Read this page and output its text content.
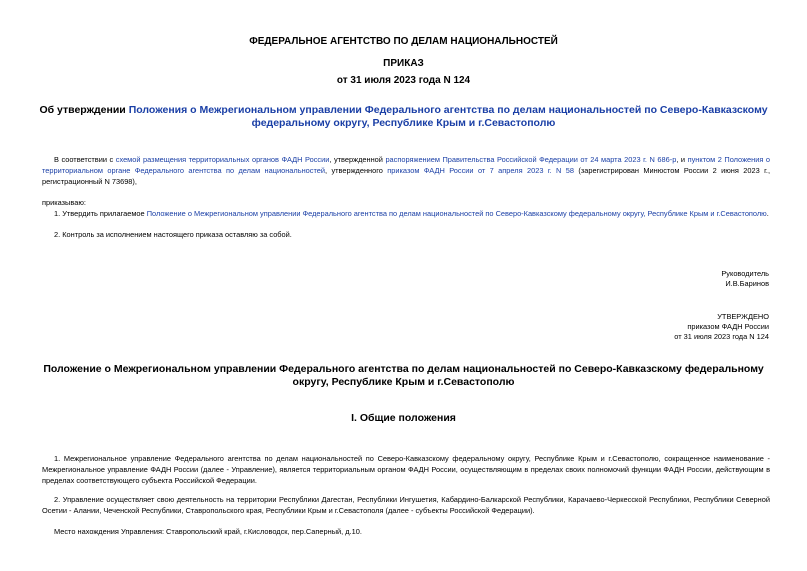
ФЕДЕРАЛЬНОЕ АГЕНТСТВО ПО ДЕЛАМ НАЦИОНАЛЬНОСТЕЙ
ПРИКАЗ
от 31 июля 2023 года N 124
Об утверждении Положения о Межрегиональном управлении Федерального агентства по делам национальностей по Северо-Кавказскому федеральному округу, Республике Крым и г.Севастополю
В соответствии с схемой размещения территориальных органов ФАДН России, утвержденной распоряжением Правительства Российской Федерации от 24 марта 2023 г. N 686-р, и пунктом 2 Положения о территориальном органе Федерального агентства по делам национальностей, утвержденного приказом ФАДН России от 7 апреля 2023 г. N 58 (зарегистрирован Минюстом России 2 июня 2023 г., регистрационный N 73698),
приказываю:
1. Утвердить прилагаемое Положение о Межрегиональном управлении Федерального агентства по делам национальностей по Северо-Кавказскому федеральному округу, Республике Крым и г.Севастополю.
2. Контроль за исполнением настоящего приказа оставляю за собой.
Руководитель
И.В.Баринов
УТВЕРЖДЕНО
приказом ФАДН России
от 31 июля 2023 года N 124
Положение о Межрегиональном управлении Федерального агентства по делам национальностей по Северо-Кавказскому федеральному округу, Республике Крым и г.Севастополю
I. Общие положения
1. Межрегиональное управление Федерального агентства по делам национальностей по Северо-Кавказскому федеральному округу, Республике Крым и г.Севастополю, сокращенное наименование - Межрегиональное управление ФАДН России (далее - Управление), является территориальным органом ФАДН России, осуществляющим в пределах своих полномочий функции ФАДН России, действующим в пределах соответствующего субъекта Российской Федерации.
2. Управление осуществляет свою деятельность на территории Республики Дагестан, Республики Ингушетия, Кабардино-Балкарской Республики, Карачаево-Черкесской Республики, Республики Северной Осетии - Алании, Чеченской Республики, Ставропольского края, Республики Крым и г.Севастополя (далее - субъекты Российской Федерации).
Место нахождения Управления: Ставропольский край, г.Кисловодск, пер.Саперный, д.10.
